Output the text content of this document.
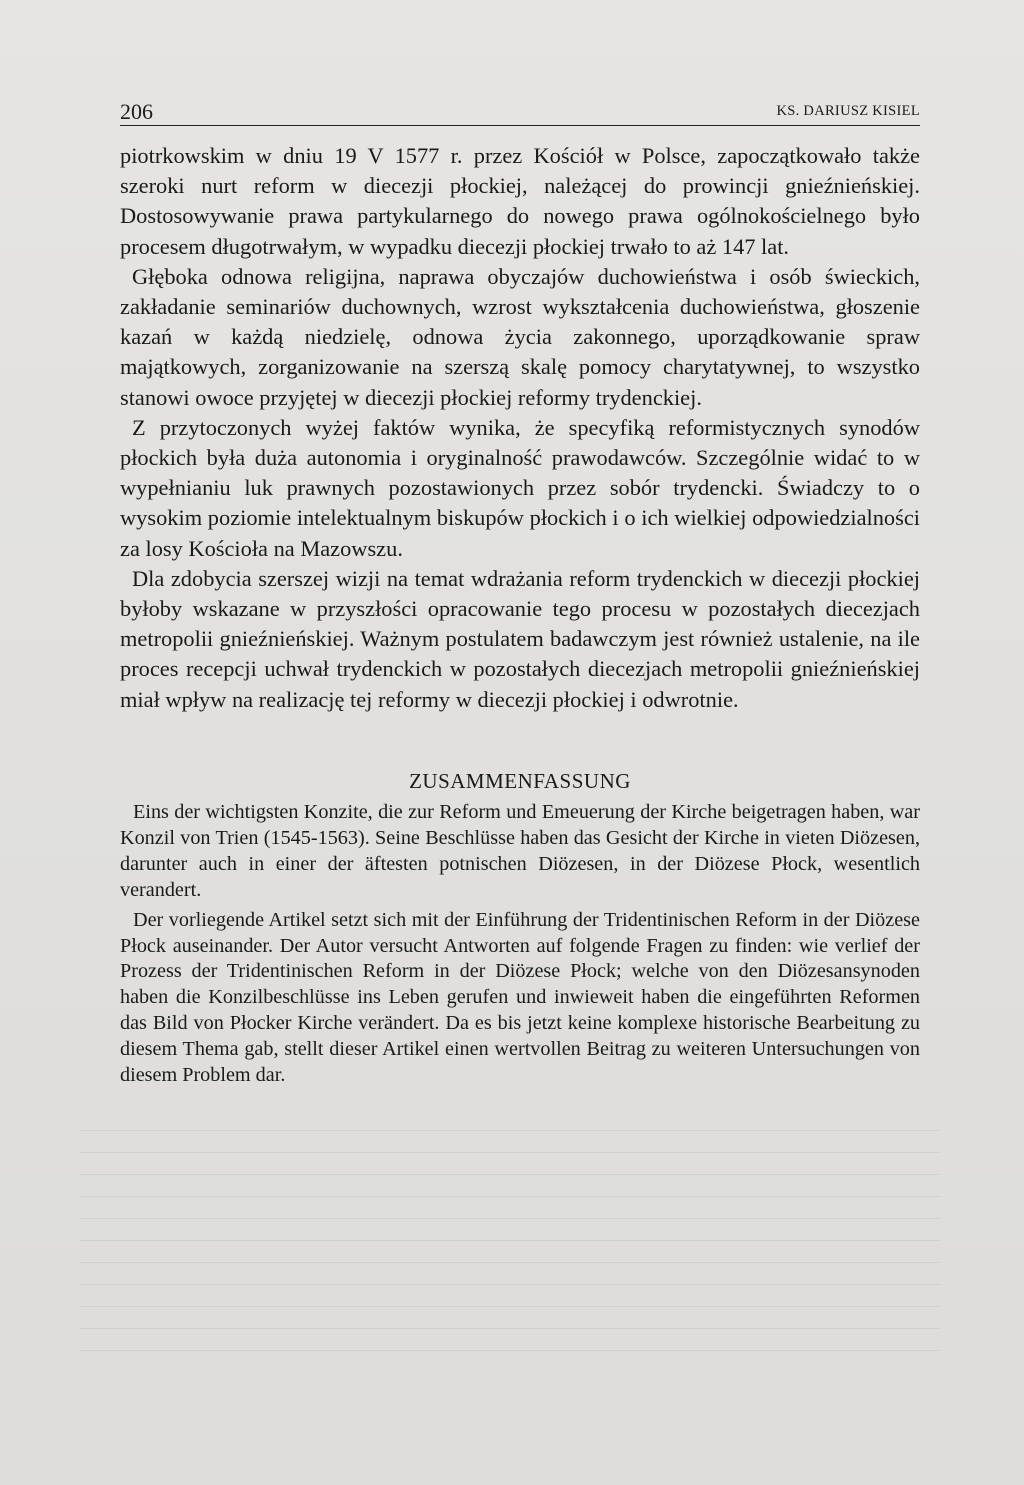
206	KS. DARIUSZ KISIEL

piotrkowskim w dniu 19 V 1577 r. przez Kościół w Polsce, zapoczątkowało także szeroki nurt reform w diecezji płockiej, należącej do prowincji gnieźnieńskiej. Dostosowywanie prawa partykularnego do nowego prawa ogólnokościelnego było procesem długotrwałym, w wypadku diecezji płockiej trwało to aż 147 lat.

Głęboka odnowa religijna, naprawa obyczajów duchowieństwa i osób świeckich, zakładanie seminariów duchownych, wzrost wykształcenia duchowieństwa, głoszenie kazań w każdą niedzielę, odnowa życia zakonnego, uporządkowanie spraw majątkowych, zorganizowanie na szerszą skalę pomocy charytatywnej, to wszystko stanowi owoce przyjętej w diecezji płockiej reformy trydenckiej.

Z przytoczonych wyżej faktów wynika, że specyfiką reformistycznych synodów płockich była duża autonomia i oryginalność prawodawców. Szczególnie widać to w wypełnianiu luk prawnych pozostawionych przez sobór trydencki. Świadczy to o wysokim poziomie intelektualnym biskupów płockich i o ich wielkiej odpowiedzialności za losy Kościoła na Mazowszu.

Dla zdobycia szerszej wizji na temat wdrażania reform trydenckich w diecezji płockiej byłoby wskazane w przyszłości opracowanie tego procesu w pozostałych diecezjach metropolii gnieźnieńskiej. Ważnym postulatem badawczym jest również ustalenie, na ile proces recepcji uchwał trydenckich w pozostałych diecezjach metropolii gnieźnieńskiej miał wpływ na realizację tej reformy w diecezji płockiej i odwrotnie.

ZUSAMMENFASSUNG

Eins der wichtigsten Konzite, die zur Reform und Emeuerung der Kirche beigetragen haben, war Konzil von Trien (1545-1563). Seine Beschlüsse haben das Gesicht der Kirche in vieten Diözesen, darunter auch in einer der äftesten potnischen Diözesen, in der Diözese Płock, wesentlich verandert.

Der vorliegende Artikel setzt sich mit der Einführung der Tridentinischen Reform in der Diözese Płock auseinander. Der Autor versucht Antworten auf folgende Fragen zu finden: wie verlief der Prozess der Tridentinischen Reform in der Diözese Płock; welche von den Diözesansynoden haben die Konzilbeschlüsse ins Leben gerufen und inwieweit haben die eingeführten Reformen das Bild von Płocker Kirche verändert. Da es bis jetzt keine komplexe historische Bearbeitung zu diesem Thema gab, stellt dieser Artikel einen wertvollen Beitrag zu weiteren Untersuchungen von diesem Problem dar.
